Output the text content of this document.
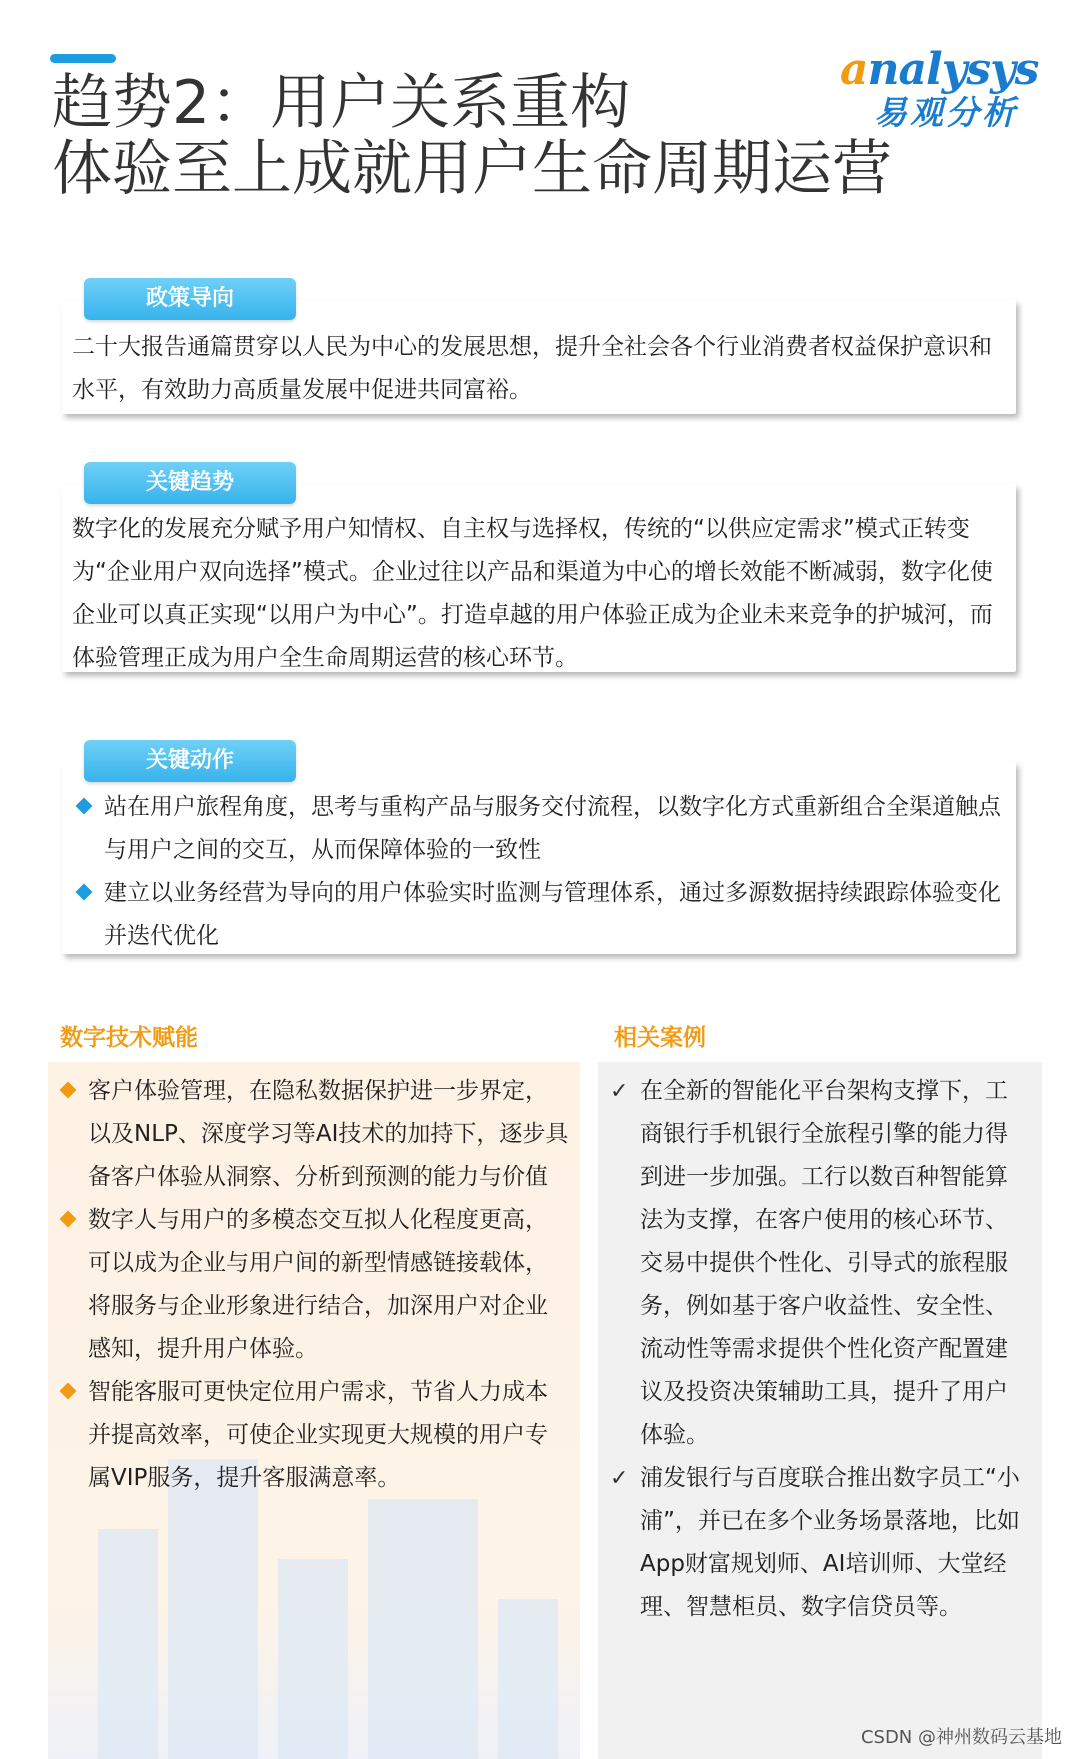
趋势2：用户关系重构
体验至上成就用户生命周期运营
analysys
易观分析
政策导向

二十大报告通篇贯穿以人民为中心的发展思想，提升全社会各个行业消费者权益保护意识和水平，有效助力高质量发展中促进共同富裕。

关键趋势

数字化的发展充分赋予用户知情权、自主权与选择权，传统的“以供应定需求”模式正转变为“企业用户双向选择”模式。企业过往以产品和渠道为中心的增长效能不断减弱，数字化使企业可以真正实现“以用户为中心”。打造卓越的用户体验正成为企业未来竞争的护城河，而体验管理正成为用户全生命周期运营的核心环节。

关键动作
站在用户旅程角度，思考与重构产品与服务交付流程，以数字化方式重新组合全渠道触点与用户之间的交互，从而保障体验的一致性
建立以业务经营为导向的用户体验实时监测与管理体系，通过多源数据持续跟踪体验变化并迭代优化
数字技术赋能	相关案例
客户体验管理，在隐私数据保护进一步界定，以及NLP、深度学习等AI技术的加持下，逐步具备客户体验从洞察、分析到预测的能力与价值
数字人与用户的多模态交互拟人化程度更高，可以成为企业与用户间的新型情感链接载体，将服务与企业形象进行结合，加深用户对企业感知，提升用户体验。
智能客服可更快定位用户需求，节省人力成本并提高效率，可使企业实现更大规模的用户专属VIP服务，提升客服满意率。
✓ 在全新的智能化平台架构支撑下，工商银行手机银行全旅程引擎的能力得到进一步加强。工行以数百种智能算法为支撑，在客户使用的核心环节、交易中提供个性化、引导式的旅程服务，例如基于客户收益性、安全性、流动性等需求提供个性化资产配置建议及投资决策辅助工具，提升了用户体验。
✓ 浦发银行与百度联合推出数字员工“小浦”，并已在多个业务场景落地，比如App财富规划师、AI培训师、大堂经理、智慧柜员、数字信贷员等。
CSDN @神州数码云基地
